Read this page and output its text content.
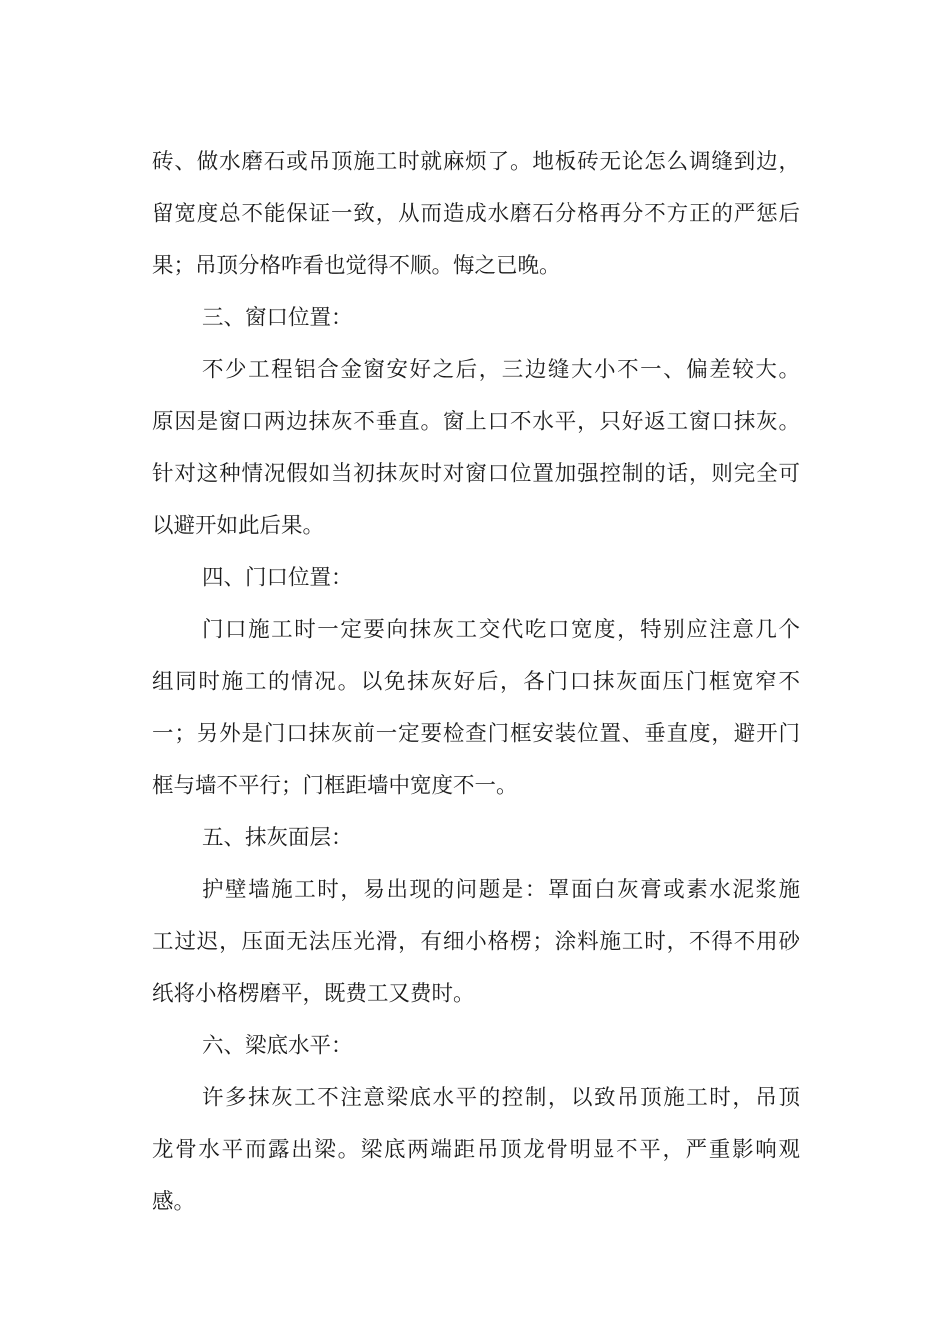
砖、做水磨石或吊顶施工时就麻烦了。地板砖无论怎么调缝到边，
留宽度总不能保证一致，从而造成水磨石分格再分不方正的严惩后
果；吊顶分格咋看也觉得不顺。悔之已晚。
三、窗口位置：
不少工程铝合金窗安好之后，三边缝大小不一、偏差较大。
原因是窗口两边抹灰不垂直。窗上口不水平，只好返工窗口抹灰。
针对这种情况假如当初抹灰时对窗口位置加强控制的话，则完全可
以避开如此后果。
四、门口位置：
门口施工时一定要向抹灰工交代吃口宽度，特别应注意几个
组同时施工的情况。以免抹灰好后，各门口抹灰面压门框宽窄不
一；另外是门口抹灰前一定要检查门框安装位置、垂直度，避开门
框与墙不平行；门框距墙中宽度不一。
五、抹灰面层：
护壁墙施工时，易出现的问题是：罩面白灰膏或素水泥浆施
工过迟，压面无法压光滑，有细小格楞；涂料施工时，不得不用砂
纸将小格楞磨平，既费工又费时。
六、梁底水平：
许多抹灰工不注意梁底水平的控制，以致吊顶施工时，吊顶
龙骨水平而露出梁。梁底两端距吊顶龙骨明显不平，严重影响观
感。
